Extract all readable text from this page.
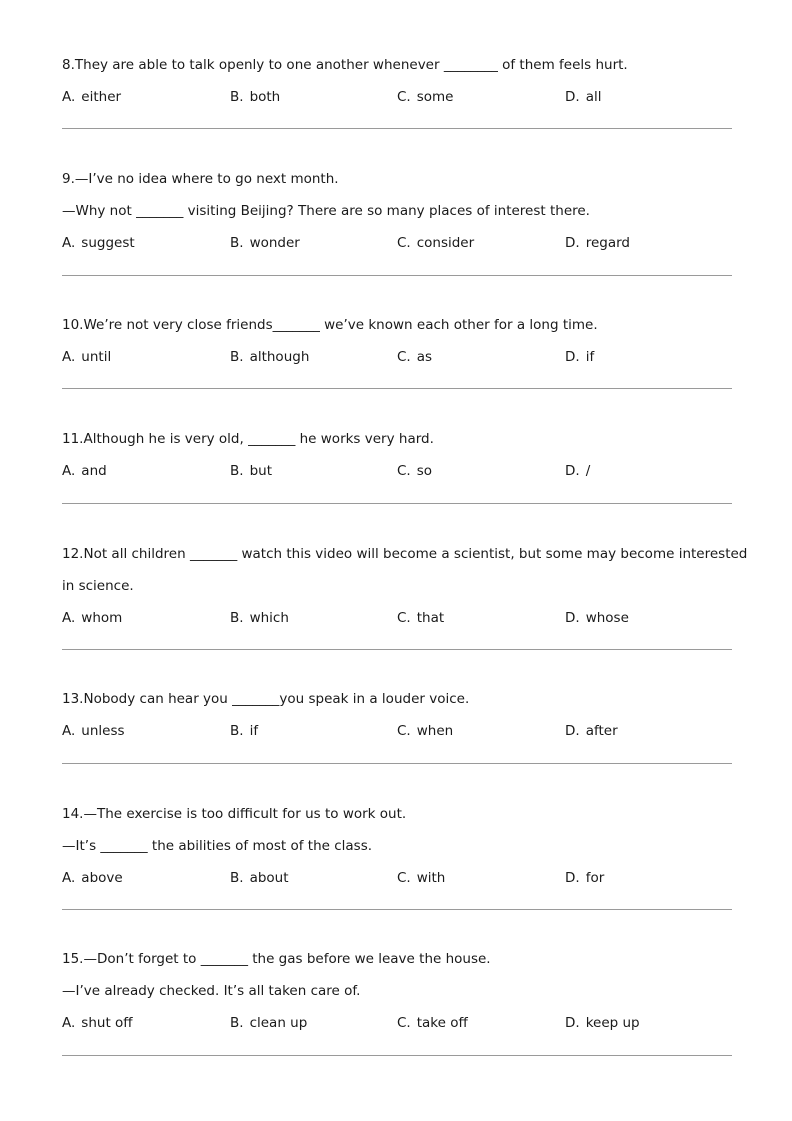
8.They are able to talk openly to one another whenever ________ of them feels hurt.
A. either	B. both	C. some	D. all
9.—I’ve no idea where to go next month.
—Why not _______ visiting Beijing? There are so many places of interest there.
A. suggest	B. wonder	C. consider	D. regard
10.We’re not very close friends_______ we’ve known each other for a long time.
A. until	B. although	C. as	D. if
11.Although he is very old, _______ he works very hard.
A. and	B. but	C. so	D. /
12.Not all children _______ watch this video will become a scientist, but some may become interested
in science.
A. whom	B. which	C. that	D. whose
13.Nobody can hear you _______you speak in a louder voice.
A. unless	B. if	C. when	D. after
14.—The exercise is too difficult for us to work out.
—It’s _______ the abilities of most of the class.
A. above	B. about	C. with	D. for
15.—Don’t forget to _______ the gas before we leave the house.
—I’ve already checked. It’s all taken care of.
A. shut off	B. clean up	C. take off	D. keep up
